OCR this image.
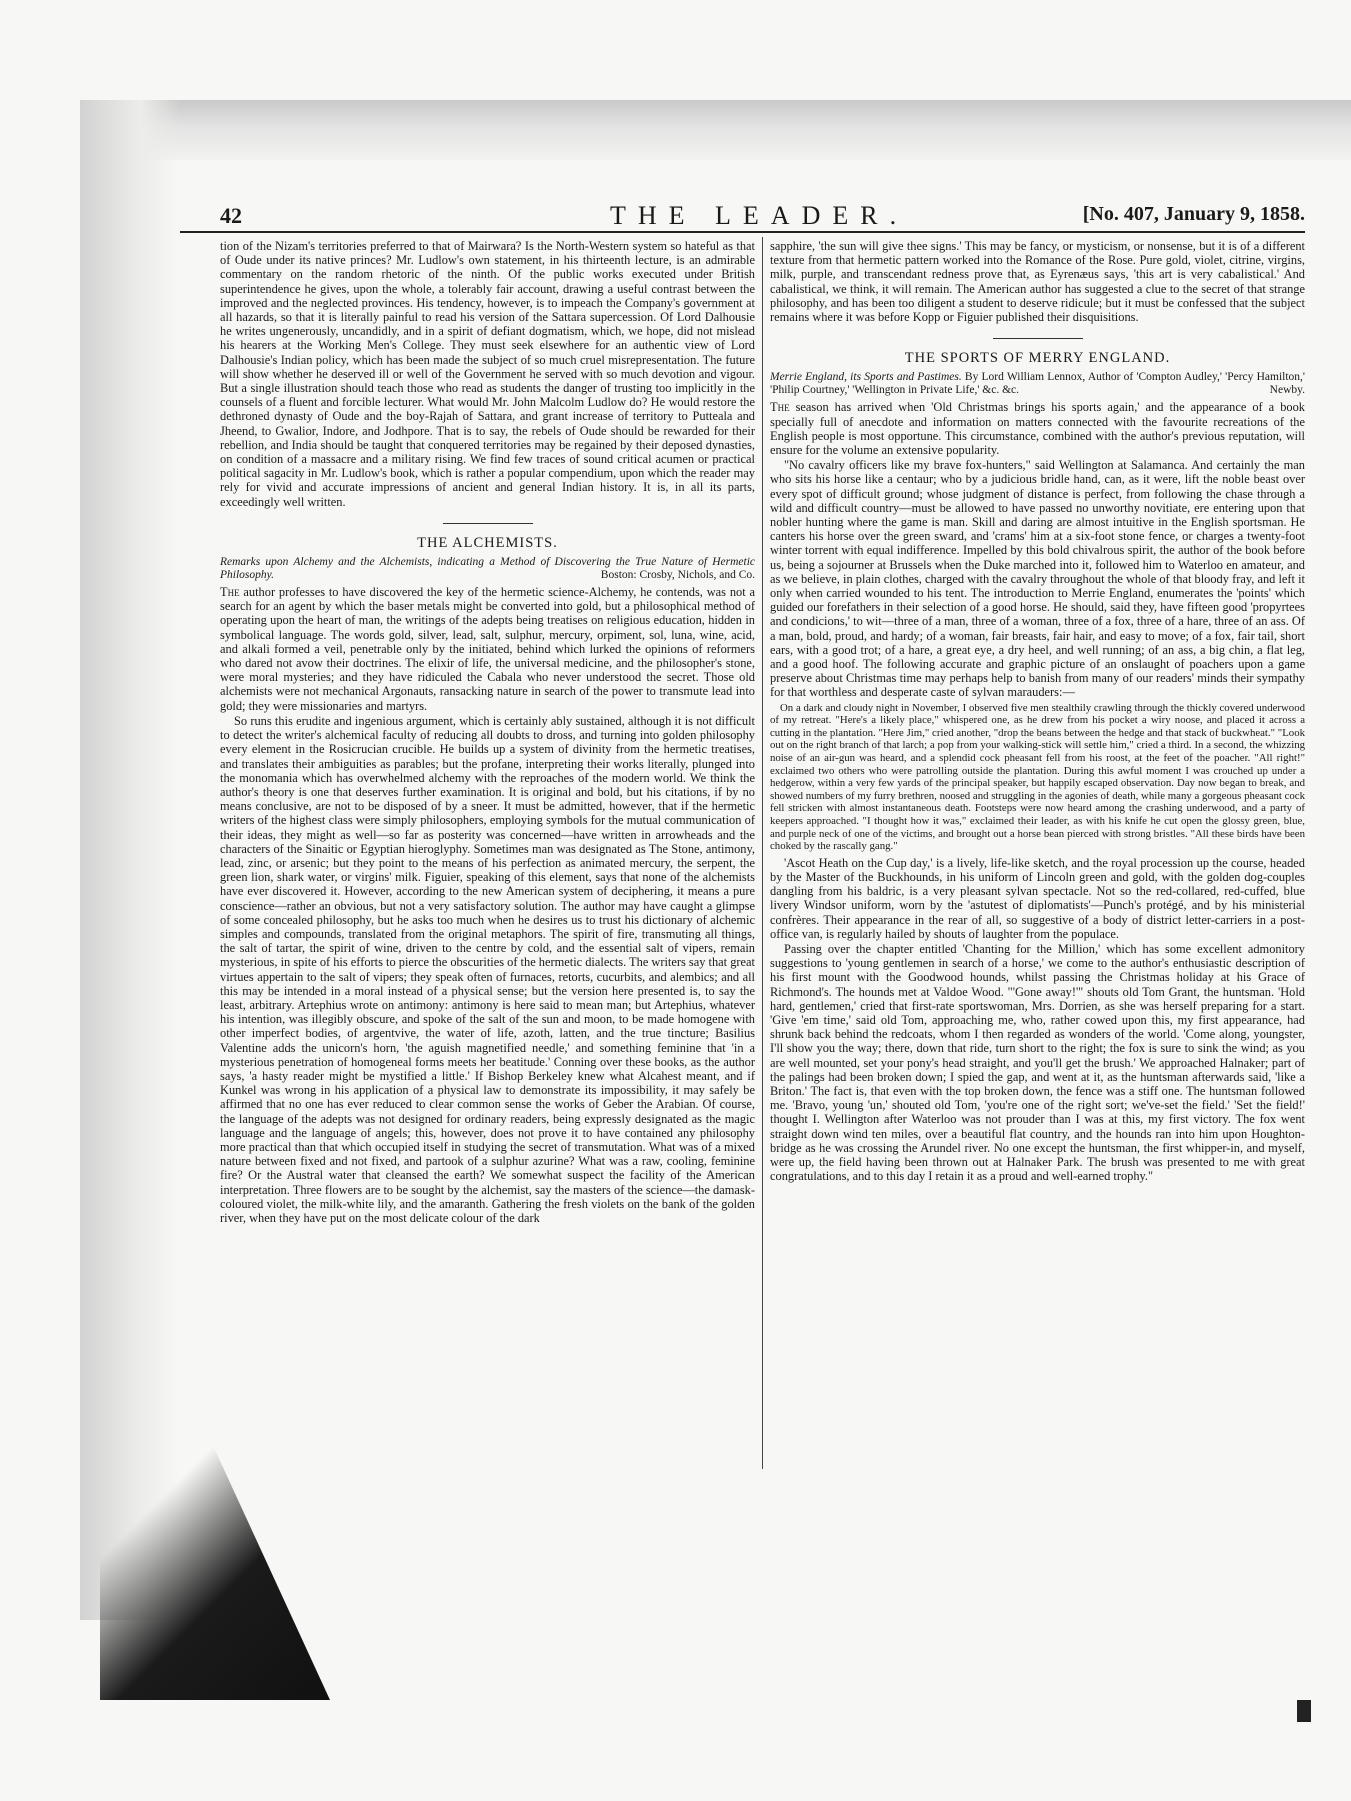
42	THE LEADER.	[No. 407, January 9, 1858.

tion of the Nizam's territories preferred to that of Mairwara? Is the North-Western system so hateful as that of Oude under its native princes? Mr. Ludlow's own statement, in his thirteenth lecture, is an admirable commentary on the random rhetoric of the ninth. Of the public works executed under British superintendence he gives, upon the whole, a tolerably fair account, drawing a useful contrast between the improved and the neglected provinces. His tendency, however, is to impeach the Company's government at all hazards, so that it is literally painful to read his version of the Sattara supercession. Of Lord Dalhousie he writes ungenerously, uncandidly, and in a spirit of defiant dogmatism, which, we hope, did not mislead his hearers at the Working Men's College. They must seek elsewhere for an authentic view of Lord Dalhousie's Indian policy, which has been made the subject of so much cruel misrepresentation. The future will show whether he deserved ill or well of the Government he served with so much devotion and vigour. But a single illustration should teach those who read as students the danger of trusting too implicitly in the counsels of a fluent and forcible lecturer. What would Mr. John Malcolm Ludlow do? He would restore the dethroned dynasty of Oude and the boy-Rajah of Sattara, and grant increase of territory to Putteala and Jheend, to Gwalior, Indore, and Jodhpore. That is to say, the rebels of Oude should be rewarded for their rebellion, and India should be taught that conquered territories may be regained by their deposed dynasties, on condition of a massacre and a military rising. We find few traces of sound critical acumen or practical political sagacity in Mr. Ludlow's book, which is rather a popular compendium, upon which the reader may rely for vivid and accurate impressions of ancient and general Indian history. It is, in all its parts, exceedingly well written.

THE ALCHEMISTS.

Remarks upon Alchemy and the Alchemists, indicating a Method of Discovering the True Nature of Hermetic Philosophy.	Boston: Crosby, Nichols, and Co.

The author professes to have discovered the key of the hermetic science-Alchemy, he contends, was not a search for an agent by which the baser metals might be converted into gold, but a philosophical method of operating upon the heart of man, the writings of the adepts being treatises on religious education, hidden in symbolical language. The words gold, silver, lead, salt, sulphur, mercury, orpiment, sol, luna, wine, acid, and alkali formed a veil, penetrable only by the initiated, behind which lurked the opinions of reformers who dared not avow their doctrines. The elixir of life, the universal medicine, and the philosopher's stone, were moral mysteries; and they have ridiculed the Cabala who never understood the secret. Those old alchemists were not mechanical Argonauts, ransacking nature in search of the power to transmute lead into gold; they were missionaries and martyrs.

So runs this erudite and ingenious argument, which is certainly ably sustained, although it is not difficult to detect the writer's alchemical faculty of reducing all doubts to dross, and turning into golden philosophy every element in the Rosicrucian crucible. He builds up a system of divinity from the hermetic treatises, and translates their ambiguities as parables; but the profane, interpreting their works literally, plunged into the monomania which has overwhelmed alchemy with the reproaches of the modern world. We think the author's theory is one that deserves further examination. It is original and bold, but his citations, if by no means conclusive, are not to be disposed of by a sneer. It must be admitted, however, that if the hermetic writers of the highest class were simply philosophers, employing symbols for the mutual communication of their ideas, they might as well—so far as posterity was concerned—have written in arrowheads and the characters of the Sinaitic or Egyptian hieroglyphy. Sometimes man was designated as The Stone, antimony, lead, zinc, or arsenic; but they point to the means of his perfection as animated mercury, the serpent, the green lion, shark water, or virgins' milk. Figuier, speaking of this element, says that none of the alchemists have ever discovered it. However, according to the new American system of deciphering, it means a pure conscience—rather an obvious, but not a very satisfactory solution. The author may have caught a glimpse of some concealed philosophy, but he asks too much when he desires us to trust his dictionary of alchemic simples and compounds, translated from the original metaphors. The spirit of fire, transmuting all things, the salt of tartar, the spirit of wine, driven to the centre by cold, and the essential salt of vipers, remain mysterious, in spite of his efforts to pierce the obscurities of the hermetic dialects. The writers say that great virtues appertain to the salt of vipers; they speak often of furnaces, retorts, cucurbits, and alembics; and all this may be intended in a moral instead of a physical sense; but the version here presented is, to say the least, arbitrary. Artephius wrote on antimony: antimony is here said to mean man; but Artephius, whatever his intention, was illegibly obscure, and spoke of the salt of the sun and moon, to be made homogene with other imperfect bodies, of argentvive, the water of life, azoth, latten, and the true tincture; Basilius Valentine adds the unicorn's horn, 'the aguish magnetified needle,' and something feminine that 'in a mysterious penetration of homogeneal forms meets her beatitude.' Conning over these books, as the author says, 'a hasty reader might be mystified a little.' If Bishop Berkeley knew what Alcahest meant, and if Kunkel was wrong in his application of a physical law to demonstrate its impossibility, it may safely be affirmed that no one has ever reduced to clear common sense the works of Geber the Arabian. Of course, the language of the adepts was not designed for ordinary readers, being expressly designated as the magic language and the language of angels; this, however, does not prove it to have contained any philosophy more practical than that which occupied itself in studying the secret of transmutation. What was of a mixed nature between fixed and not fixed, and partook of a sulphur azurine? What was a raw, cooling, feminine fire? Or the Austral water that cleansed the earth? We somewhat suspect the facility of the American interpretation. Three flowers are to be sought by the alchemist, say the masters of the science—the damask-coloured violet, the milk-white lily, and the amaranth. Gathering the fresh violets on the bank of the golden river, when they have put on the most delicate colour of the dark

sapphire, 'the sun will give thee signs.' This may be fancy, or mysticism, or nonsense, but it is of a different texture from that hermetic pattern worked into the Romance of the Rose. Pure gold, violet, citrine, virgins, milk, purple, and transcendant redness prove that, as Eyrenæus says, 'this art is very cabalistical.' And cabalistical, we think, it will remain. The American author has suggested a clue to the secret of that strange philosophy, and has been too diligent a student to deserve ridicule; but it must be confessed that the subject remains where it was before Kopp or Figuier published their disquisitions.

THE SPORTS OF MERRY ENGLAND.

Merrie England, its Sports and Pastimes. By Lord William Lennox, Author of 'Compton Audley,' 'Percy Hamilton,' 'Philip Courtney,' 'Wellington in Private Life,' &c. &c.	Newby.

The season has arrived when 'Old Christmas brings his sports again,' and the appearance of a book specially full of anecdote and information on matters connected with the favourite recreations of the English people is most opportune. This circumstance, combined with the author's previous reputation, will ensure for the volume an extensive popularity.

"No cavalry officers like my brave fox-hunters," said Wellington at Salamanca. And certainly the man who sits his horse like a centaur; who by a judicious bridle hand, can, as it were, lift the noble beast over every spot of difficult ground; whose judgment of distance is perfect, from following the chase through a wild and difficult country—must be allowed to have passed no unworthy novitiate, ere entering upon that nobler hunting where the game is man. Skill and daring are almost intuitive in the English sportsman. He canters his horse over the green sward, and 'crams' him at a six-foot stone fence, or charges a twenty-foot winter torrent with equal indifference. Impelled by this bold chivalrous spirit, the author of the book before us, being a sojourner at Brussels when the Duke marched into it, followed him to Waterloo en amateur, and as we believe, in plain clothes, charged with the cavalry throughout the whole of that bloody fray, and left it only when carried wounded to his tent. The introduction to Merrie England, enumerates the 'points' which guided our forefathers in their selection of a good horse. He should, said they, have fifteen good 'propyrtees and condicions,' to wit—three of a man, three of a woman, three of a fox, three of a hare, three of an ass. Of a man, bold, proud, and hardy; of a woman, fair breasts, fair hair, and easy to move; of a fox, fair tail, short ears, with a good trot; of a hare, a great eye, a dry heel, and well running; of an ass, a big chin, a flat leg, and a good hoof. The following accurate and graphic picture of an onslaught of poachers upon a game preserve about Christmas time may perhaps help to banish from many of our readers' minds their sympathy for that worthless and desperate caste of sylvan marauders:—

On a dark and cloudy night in November, I observed five men stealthily crawling through the thickly covered underwood of my retreat. "Here's a likely place," whispered one, as he drew from his pocket a wiry noose, and placed it across a cutting in the plantation. "Here Jim," cried another, "drop the beans between the hedge and that stack of buckwheat." "Look out on the right branch of that larch; a pop from your walking-stick will settle him," cried a third. In a second, the whizzing noise of an air-gun was heard, and a splendid cock pheasant fell from his roost, at the feet of the poacher. "All right!" exclaimed two others who were patrolling outside the plantation. During this awful moment I was crouched up under a hedgerow, within a very few yards of the principal speaker, but happily escaped observation. Day now began to break, and showed numbers of my furry brethren, noosed and struggling in the agonies of death, while many a gorgeous pheasant cock fell stricken with almost instantaneous death. Footsteps were now heard among the crashing underwood, and a party of keepers approached. "I thought how it was," exclaimed their leader, as with his knife he cut open the glossy green, blue, and purple neck of one of the victims, and brought out a horse bean pierced with strong bristles. "All these birds have been choked by the rascally gang."

'Ascot Heath on the Cup day,' is a lively, life-like sketch, and the royal procession up the course, headed by the Master of the Buckhounds, in his uniform of Lincoln green and gold, with the golden dog-couples dangling from his baldric, is a very pleasant sylvan spectacle. Not so the red-collared, red-cuffed, blue livery Windsor uniform, worn by the 'astutest of diplomatists'—Punch's protégé, and by his ministerial confrères. Their appearance in the rear of all, so suggestive of a body of district letter-carriers in a post-office van, is regularly hailed by shouts of laughter from the populace.

Passing over the chapter entitled 'Chanting for the Million,' which has some excellent admonitory suggestions to 'young gentlemen in search of a horse,' we come to the author's enthusiastic description of his first mount with the Goodwood hounds, whilst passing the Christmas holiday at his Grace of Richmond's. The hounds met at Valdoe Wood. "'Gone away!'" shouts old Tom Grant, the huntsman. 'Hold hard, gentlemen,' cried that first-rate sportswoman, Mrs. Dorrien, as she was herself preparing for a start. 'Give 'em time,' said old Tom, approaching me, who, rather cowed upon this, my first appearance, had shrunk back behind the redcoats, whom I then regarded as wonders of the world. 'Come along, youngster, I'll show you the way; there, down that ride, turn short to the right; the fox is sure to sink the wind; as you are well mounted, set your pony's head straight, and you'll get the brush.' We approached Halnaker; part of the palings had been broken down; I spied the gap, and went at it, as the huntsman afterwards said, 'like a Briton.' The fact is, that even with the top broken down, the fence was a stiff one. The huntsman followed me. 'Bravo, young 'un,' shouted old Tom, 'you're one of the right sort; we've-set the field.' 'Set the field!' thought I. Wellington after Waterloo was not prouder than I was at this, my first victory. The fox went straight down wind ten miles, over a beautiful flat country, and the hounds ran into him upon Houghton-bridge as he was crossing the Arundel river. No one except the huntsman, the first whipper-in, and myself, were up, the field having been thrown out at Halnaker Park. The brush was presented to me with great congratulations, and to this day I retain it as a proud and well-earned trophy."
